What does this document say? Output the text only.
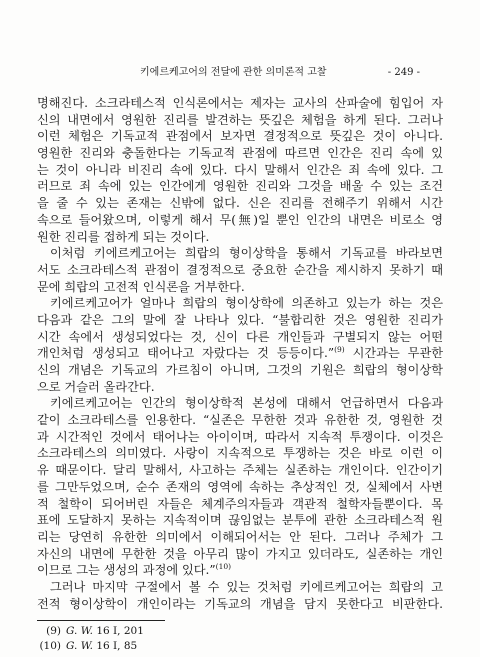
키에르케고어의 전달에 관한 의미론적 고찰	- 249 -
명해진다. 소크라테스적 인식론에서는 제자는 교사의 산파술에 힘입어 자
신의 내면에서 영원한 진리를 발견하는 뜻깊은 체험을 하게 된다. 그러나
이런 체험은 기독교적 관점에서 보자면 결정적으로 뜻깊은 것이 아니다.
영원한 진리와 충돌한다는 기독교적 관점에 따르면 인간은 진리 속에 있
는 것이 아니라 비진리 속에 있다. 다시 말해서 인간은 죄 속에 있다. 그
러므로 죄 속에 있는 인간에게 영원한 진리와 그것을 배울 수 있는 조건
을 줄 수 있는 존재는 신밖에 없다. 신은 진리를 전해주기 위해서 시간
속으로 들어왔으며, 이렇게 해서 무(無)일 뿐인 인간의 내면은 비로소 영
원한 진리를 접하게 되는 것이다.
이처럼 키에르케고어는 희랍의 형이상학을 통해서 기독교를 바라보면
서도 소크라테스적 관점이 결정적으로 중요한 순간을 제시하지 못하기 때
문에 희랍의 고전적 인식론을 거부한다.
키에르케고어가 얼마나 희랍의 형이상학에 의존하고 있는가 하는 것은
다음과 같은 그의 말에 잘 나타나 있다. “불합리한 것은 영원한 진리가
시간 속에서 생성되었다는 것, 신이 다른 개인들과 구별되지 않는 어떤
개인처럼 생성되고 태어나고 자랐다는 것 등등이다.”$^{(9)}$ 시간과는 무관한
신의 개념은 기독교의 가르침이 아니며, 그것의 기원은 희랍의 형이상학
으로 거슬러 올라간다.
키에르케고어는 인간의 형이상학적 본성에 대해서 언급하면서 다음과
같이 소크라테스를 인용한다. “실존은 무한한 것과 유한한 것, 영원한 것
과 시간적인 것에서 태어나는 아이이며, 따라서 지속적 투쟁이다. 이것은
소크라테스의 의미였다. 사랑이 지속적으로 투쟁하는 것은 바로 이런 이
유 때문이다. 달리 말해서, 사고하는 주체는 실존하는 개인이다. 인간이기
를 그만두었으며, 순수 존재의 영역에 속하는 추상적인 것, 실체에서 사변
적 철학이 되어버린 자들은 체계주의자들과 객관적 철학자들뿐이다. 목
표에 도달하지 못하는 지속적이며 끊임없는 분투에 관한 소크라테스적 원
리는 당연히 유한한 의미에서 이해되어서는 안 된다. 그러나 주체가 그
자신의 내면에 무한한 것을 아무리 많이 가지고 있더라도, 실존하는 개인
이므로 그는 생성의 과정에 있다.”$^{(10)}$
그러나 마지막 구절에서 볼 수 있는 것처럼 키에르케고어는 희랍의 고
전적 형이상학이 개인이라는 기독교의 개념을 담지 못한다고 비판한다.
(9) G. W. 16 I, 201
(10) G. W. 16 I, 85
